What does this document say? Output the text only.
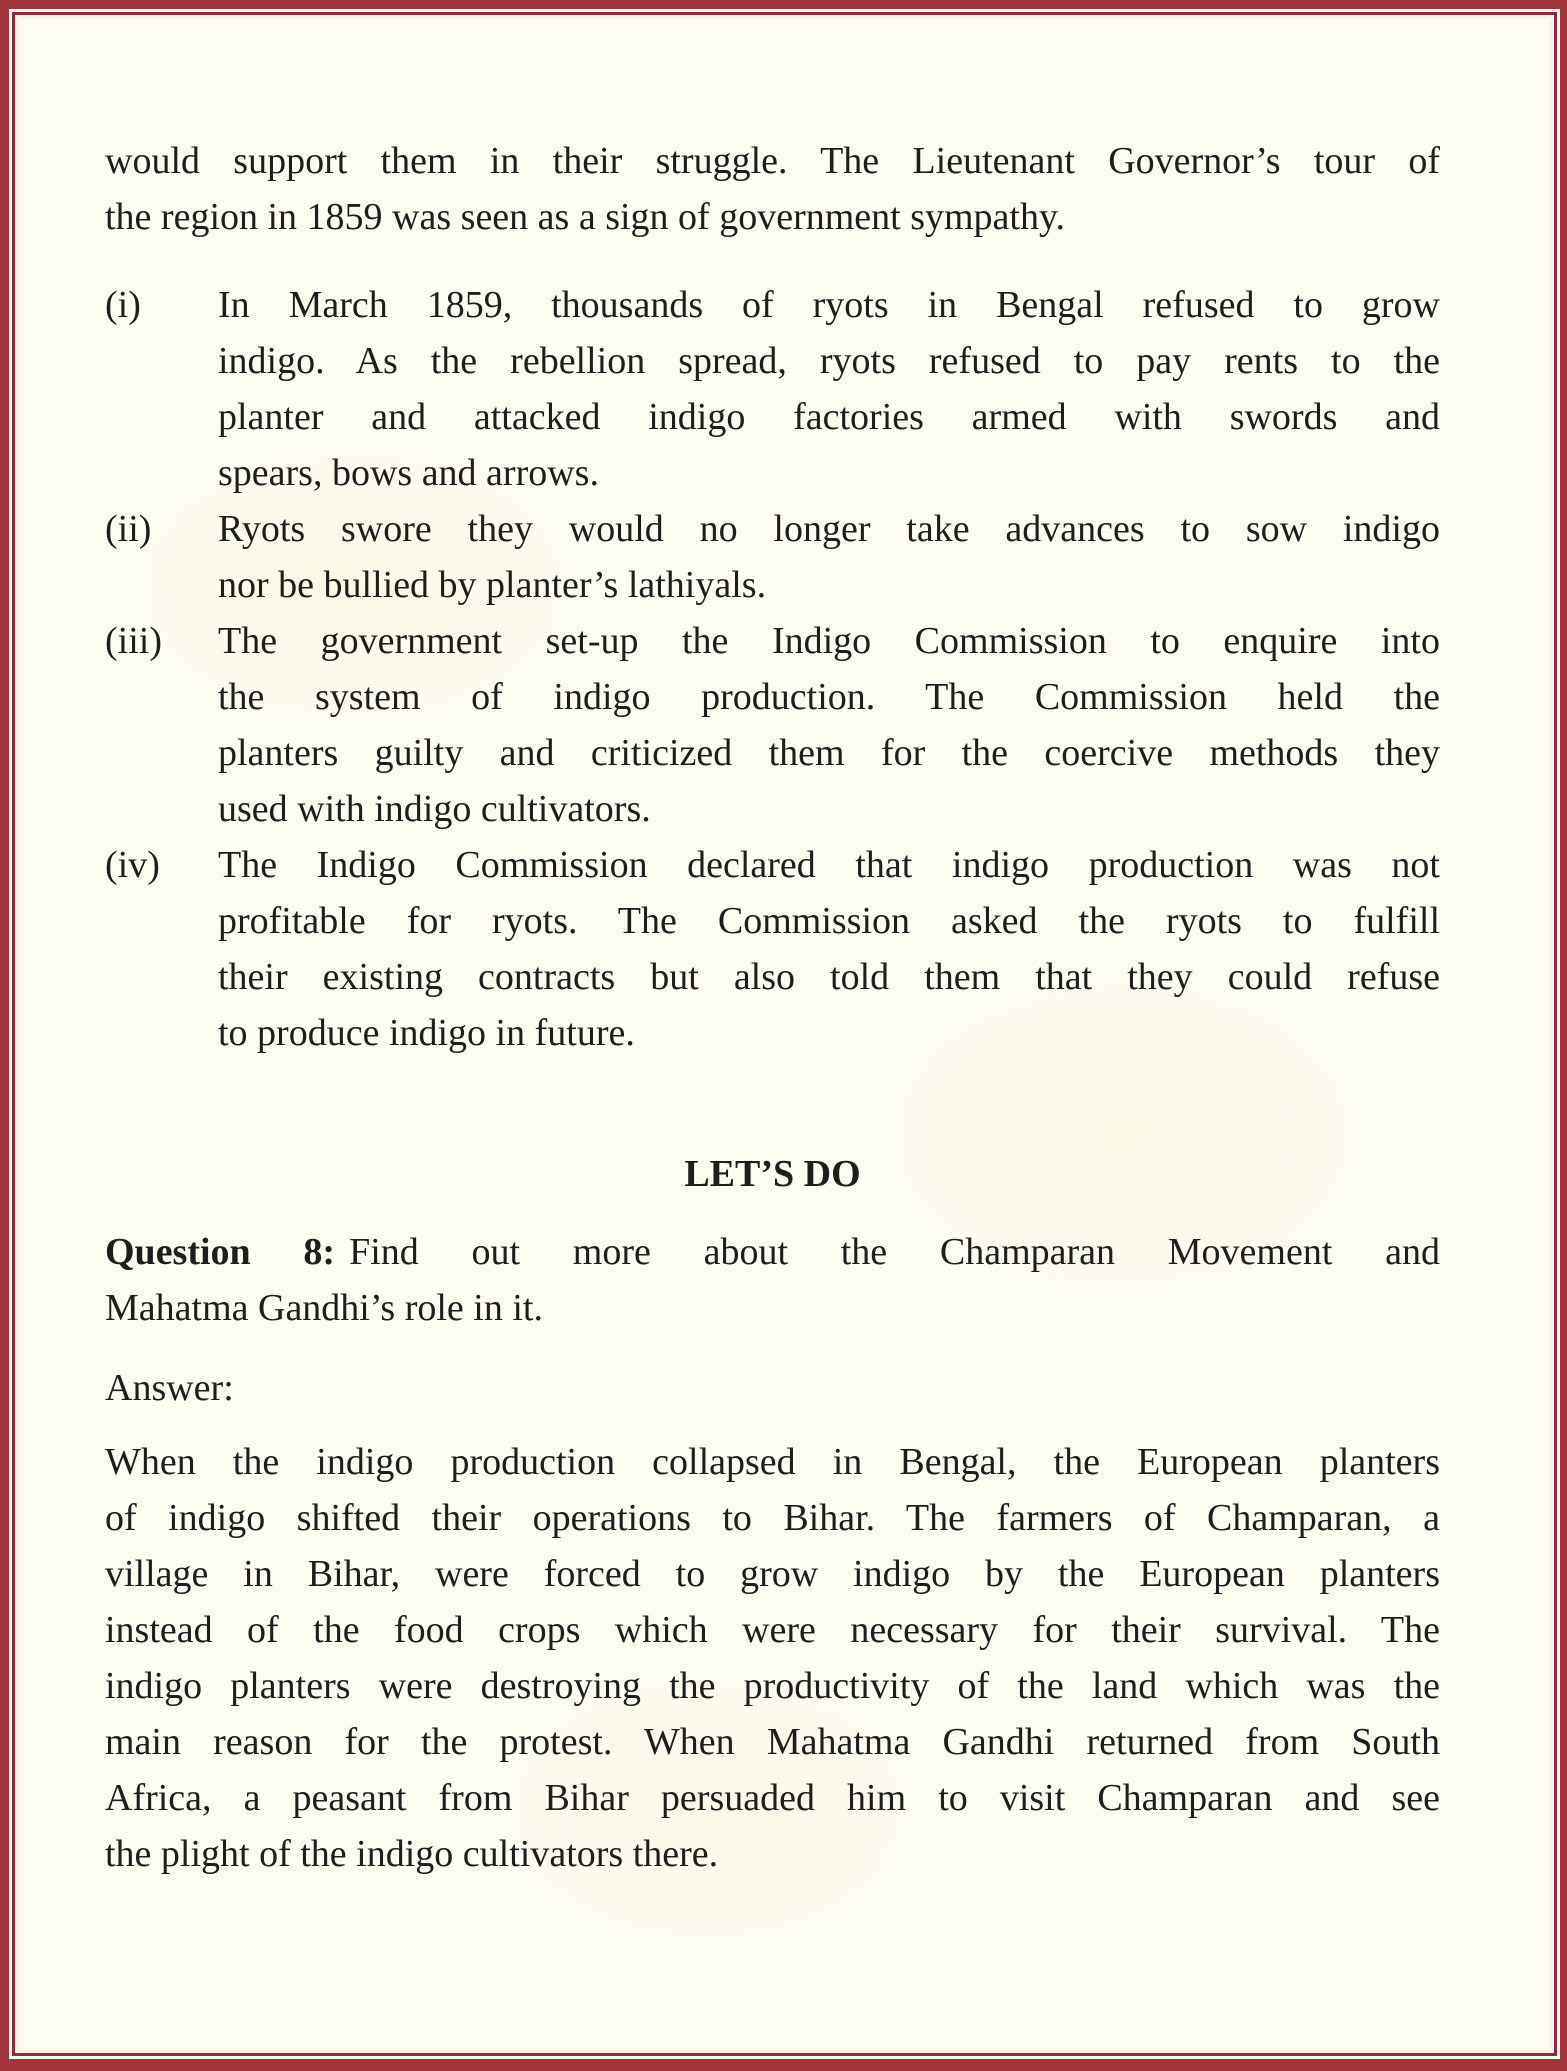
would support them in their struggle. The Lieutenant Governor’s tour of
the region in 1859 was seen as a sign of government sympathy.
(i) In March 1859, thousands of ryots in Bengal refused to grow
indigo. As the rebellion spread, ryots refused to pay rents to the
planter and attacked indigo factories armed with swords and
spears, bows and arrows.
(ii) Ryots swore they would no longer take advances to sow indigo
nor be bullied by planter’s lathiyals.
(iii) The government set-up the Indigo Commission to enquire into
the system of indigo production. The Commission held the
planters guilty and criticized them for the coercive methods they
used with indigo cultivators.
(iv) The Indigo Commission declared that indigo production was not
profitable for ryots. The Commission asked the ryots to fulfill
their existing contracts but also told them that they could refuse
to produce indigo in future.
LET’S DO
Question 8: Find out more about the Champaran Movement and
Mahatma Gandhi’s role in it.
Answer:
When the indigo production collapsed in Bengal, the European planters
of indigo shifted their operations to Bihar. The farmers of Champaran, a
village in Bihar, were forced to grow indigo by the European planters
instead of the food crops which were necessary for their survival. The
indigo planters were destroying the productivity of the land which was the
main reason for the protest. When Mahatma Gandhi returned from South
Africa, a peasant from Bihar persuaded him to visit Champaran and see
the plight of the indigo cultivators there.
